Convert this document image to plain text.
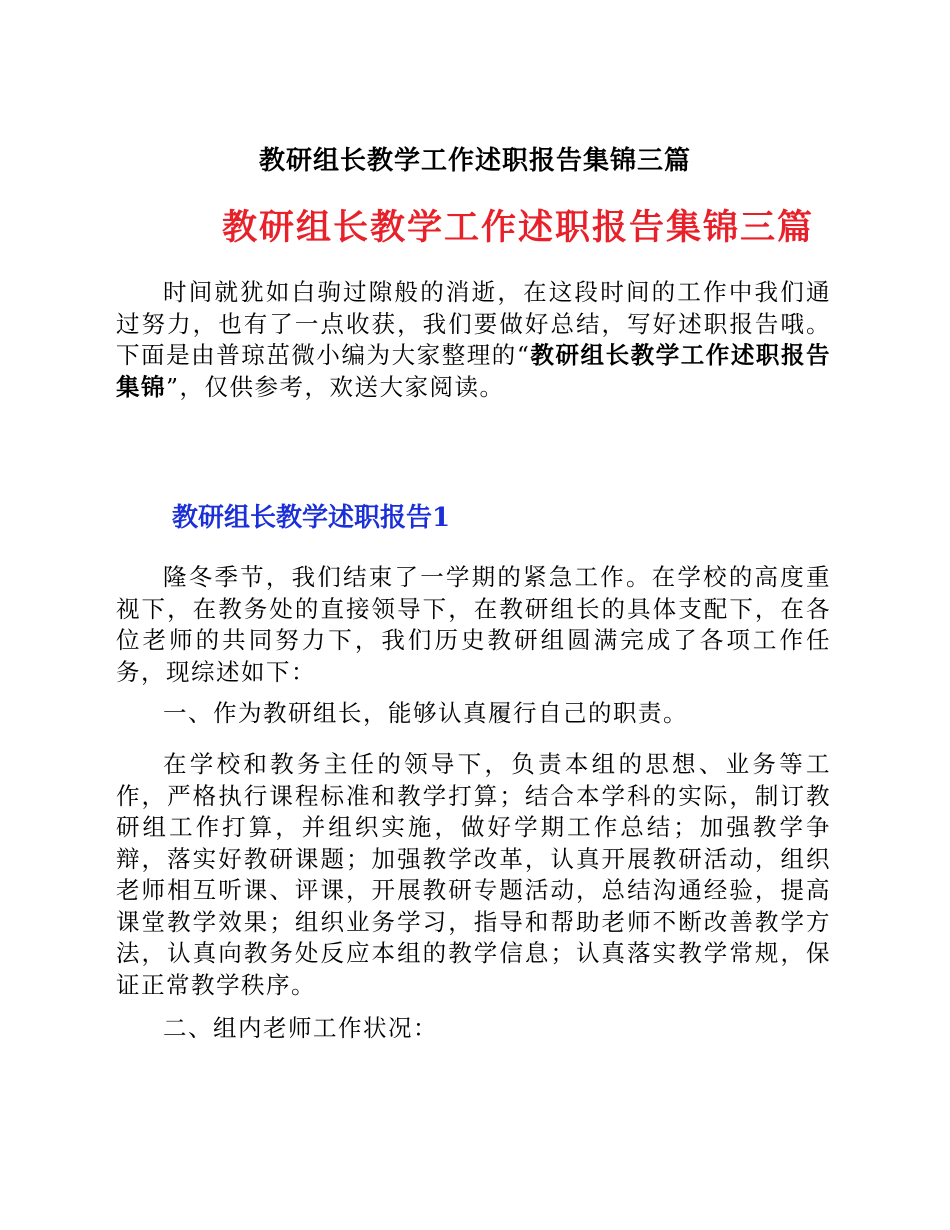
教研组长教学工作述职报告集锦三篇
教研组长教学工作述职报告集锦三篇

时间就犹如白驹过隙般的消逝，在这段时间的工作中我们通过努力，也有了一点收获，我们要做好总结，写好述职报告哦。下面是由普琼茁微小编为大家整理的“教研组长教学工作述职报告集锦”，仅供参考，欢送大家阅读。

教研组长教学述职报告1

隆冬季节，我们结束了一学期的紧急工作。在学校的高度重视下，在教务处的直接领导下，在教研组长的具体支配下，在各位老师的共同努力下，我们历史教研组圆满完成了各项工作任务，现综述如下：

一、作为教研组长，能够认真履行自己的职责。

在学校和教务主任的领导下，负责本组的思想、业务等工作，严格执行课程标准和教学打算；结合本学科的实际，制订教研组工作打算，并组织实施，做好学期工作总结；加强教学争辩，落实好教研课题；加强教学改革，认真开展教研活动，组织老师相互听课、评课，开展教研专题活动，总结沟通经验，提高课堂教学效果；组织业务学习，指导和帮助老师不断改善教学方法，认真向教务处反应本组的教学信息；认真落实教学常规，保证正常教学秩序。

二、组内老师工作状况：
